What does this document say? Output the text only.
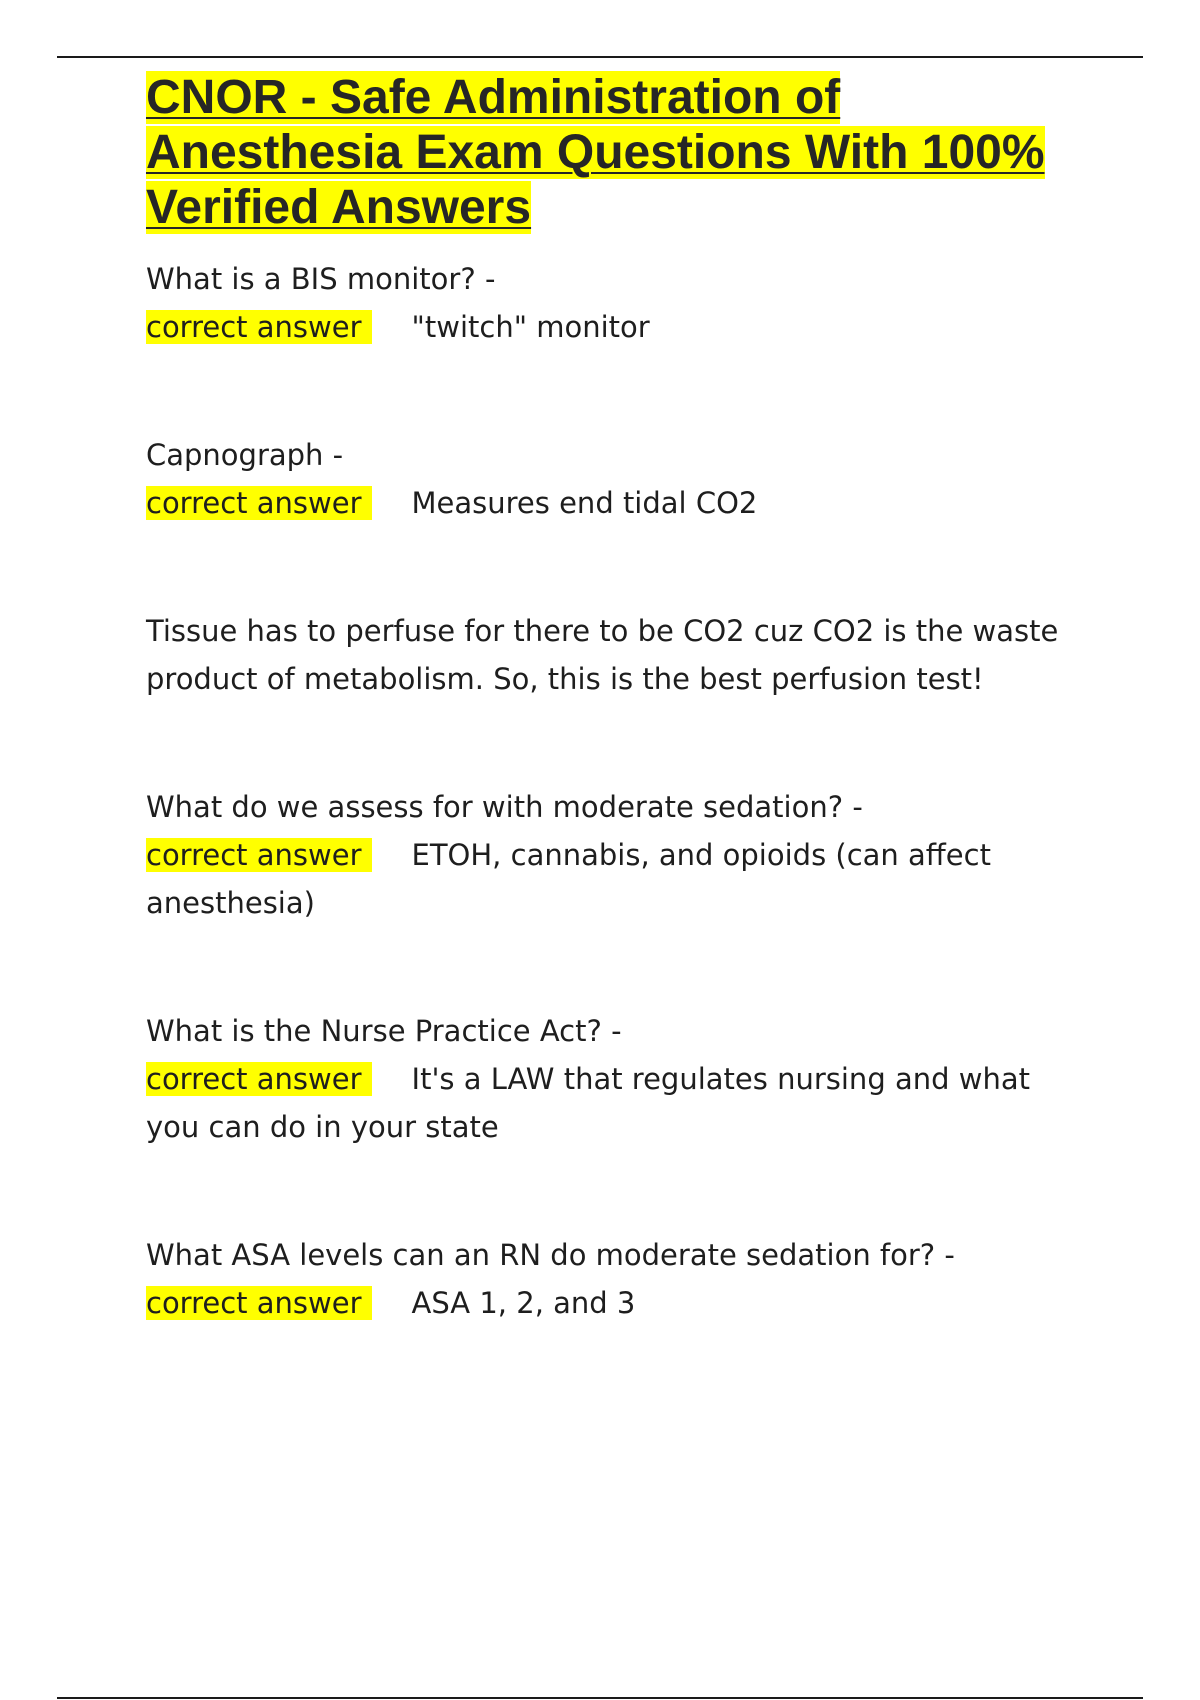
CNOR - Safe Administration of Anesthesia Exam Questions With 100% Verified Answers
What is a BIS monitor? -
correct answer "twitch" monitor
Capnograph -
correct answer Measures end tidal CO2
Tissue has to perfuse for there to be CO2 cuz CO2 is the waste product of metabolism. So, this is the best perfusion test!
What do we assess for with moderate sedation? -
correct answer ETOH, cannabis, and opioids (can affect anesthesia)
What is the Nurse Practice Act? -
correct answer It's a LAW that regulates nursing and what you can do in your state
What ASA levels can an RN do moderate sedation for? -
correct answer ASA 1, 2, and 3
